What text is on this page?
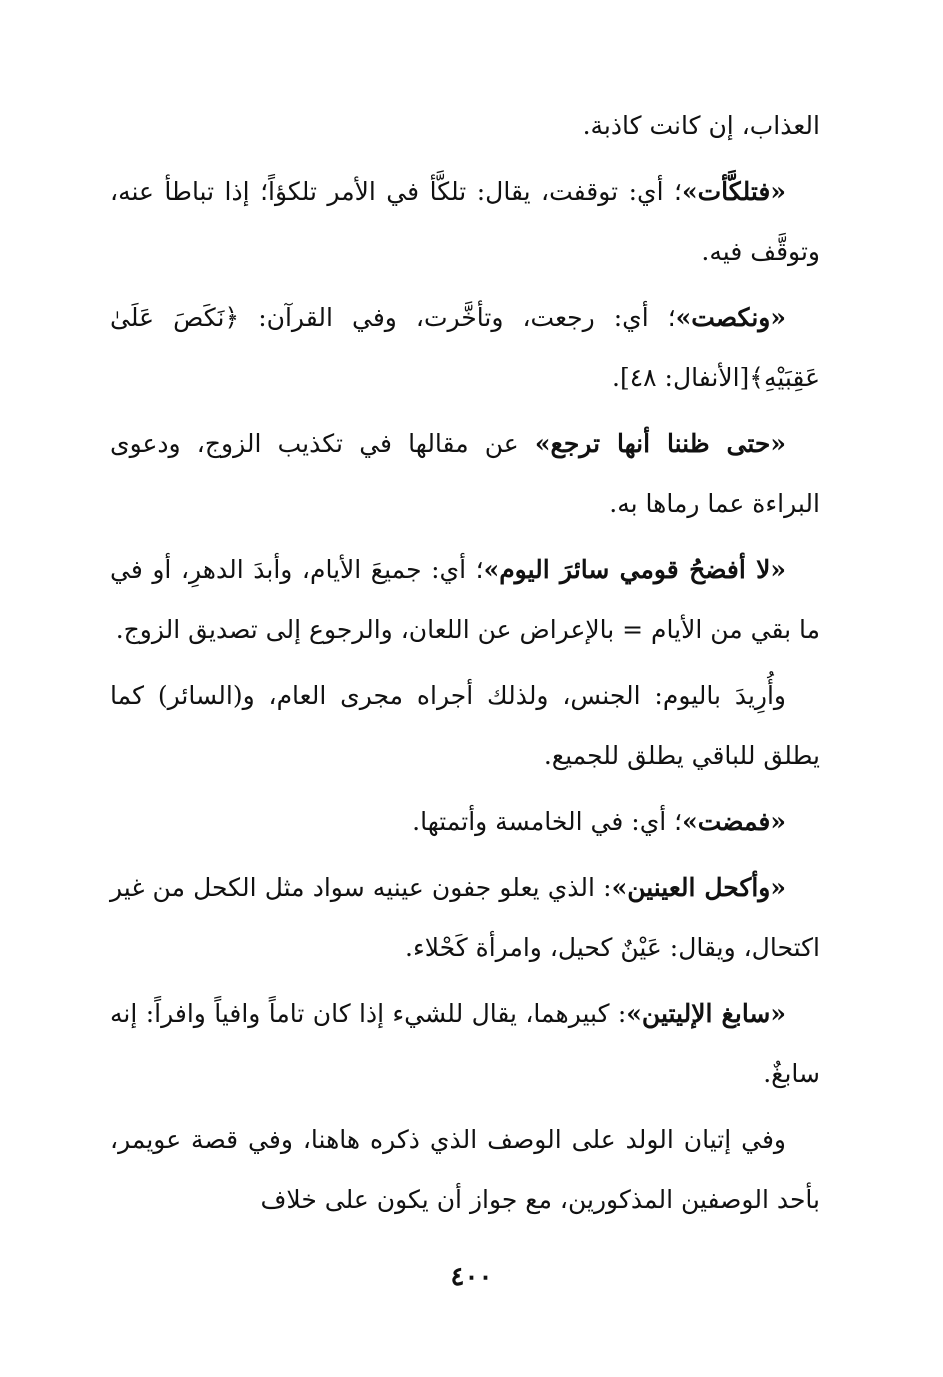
العذاب، إن كانت كاذبة.

«فتلكَّأت»؛ أي: توقفت، يقال: تلكَّأ في الأمر تلكؤاً؛ إذا تباطأ عنه، وتوقَّف فيه.

«ونكصت»؛ أي: رجعت، وتأخَّرت، وفي القرآن: ﴿نَكَصَ عَلَىٰ عَقِبَيْهِ﴾[الأنفال: ٤٨].

«حتى ظننا أنها ترجع» عن مقالها في تكذيب الزوج، ودعوى البراءة عما رماها به.

«لا أفضحُ قومي سائرَ اليوم»؛ أي: جميعَ الأيام، وأبدَ الدهرِ، أو في ما بقي من الأيام = بالإعراض عن اللعان، والرجوع إلى تصديق الزوج.

وأُرِيدَ باليوم: الجنس، ولذلك أجراه مجرى العام، و(السائر) كما يطلق للباقي يطلق للجميع.

«فمضت»؛ أي: في الخامسة وأتمتها.

«وأكحل العينين»: الذي يعلو جفون عينيه سواد مثل الكحل من غير اكتحال، ويقال: عَيْنٌ كحيل، وامرأة كَحْلاء.

«سابغ الإليتين»: كبيرهما، يقال للشيء إذا كان تاماً وافياً وافراً: إنه سابغٌ.

وفي إتيان الولد على الوصف الذي ذكره هاهنا، وفي قصة عويمر، بأحد الوصفين المذكورين، مع جواز أن يكون على خلاف

٤٠٠
